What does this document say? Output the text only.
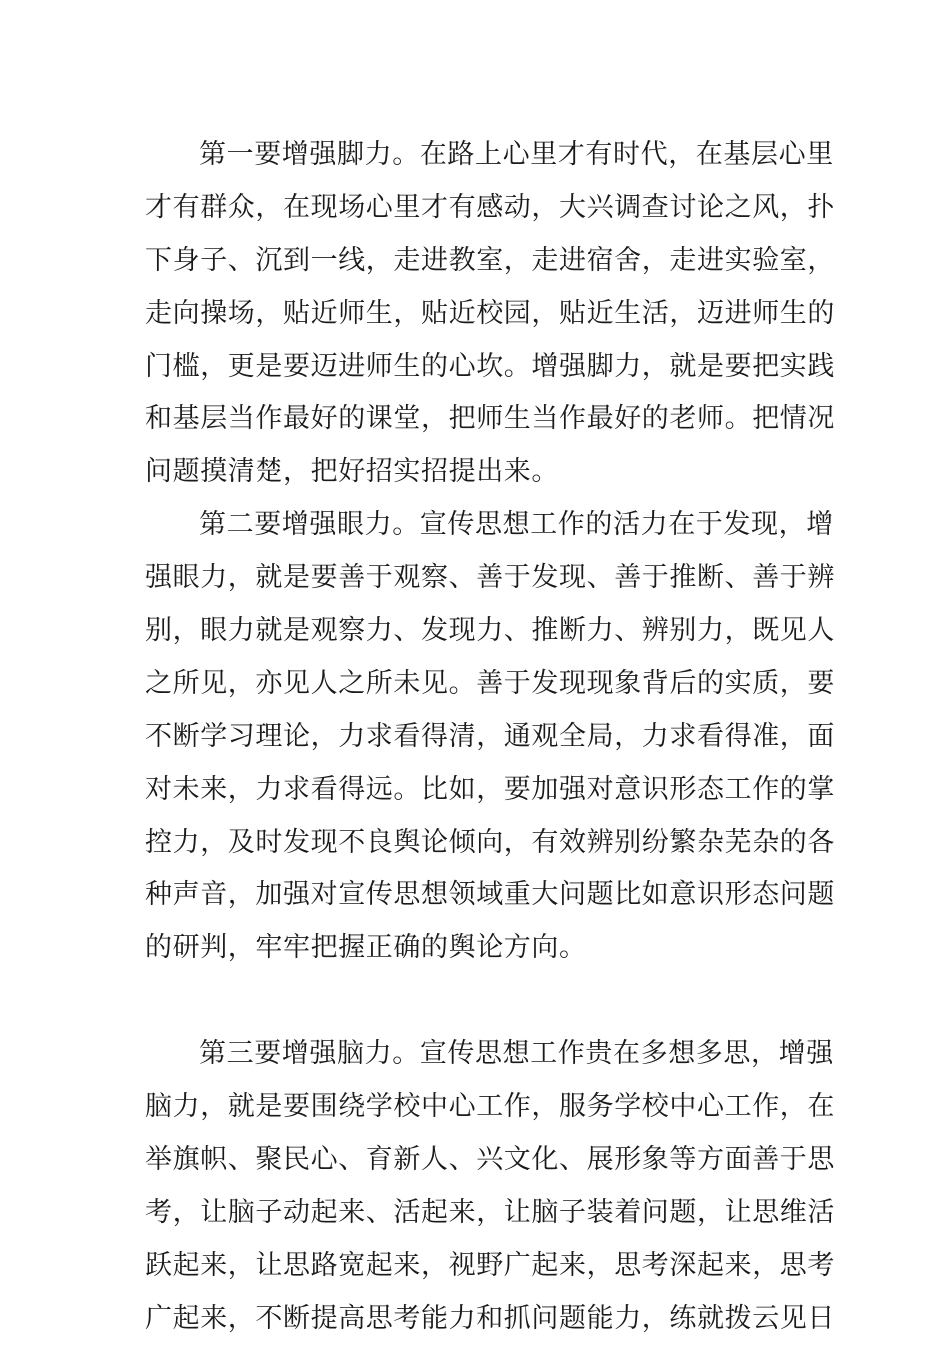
第一要增强脚力。在路上心里才有时代，在基层心里
才有群众，在现场心里才有感动，大兴调查讨论之风，扑
下身子、沉到一线，走进教室，走进宿舍，走进实验室，
走向操场，贴近师生，贴近校园，贴近生活，迈进师生的
门槛，更是要迈进师生的心坎。增强脚力，就是要把实践
和基层当作最好的课堂，把师生当作最好的老师。把情况
问题摸清楚，把好招实招提出来。
第二要增强眼力。宣传思想工作的活力在于发现，增
强眼力，就是要善于观察、善于发现、善于推断、善于辨
别，眼力就是观察力、发现力、推断力、辨别力，既见人
之所见，亦见人之所未见。善于发现现象背后的实质，要
不断学习理论，力求看得清，通观全局，力求看得准，面
对未来，力求看得远。比如，要加强对意识形态工作的掌
控力，及时发现不良舆论倾向，有效辨别纷繁杂芜杂的各
种声音，加强对宣传思想领域重大问题比如意识形态问题
的研判，牢牢把握正确的舆论方向。
第三要增强脑力。宣传思想工作贵在多想多思，增强
脑力，就是要围绕学校中心工作，服务学校中心工作，在
举旗帜、聚民心、育新人、兴文化、展形象等方面善于思
考，让脑子动起来、活起来，让脑子装着问题，让思维活
跃起来，让思路宽起来，视野广起来，思考深起来，思考
广起来，不断提高思考能力和抓问题能力，练就拨云见日
